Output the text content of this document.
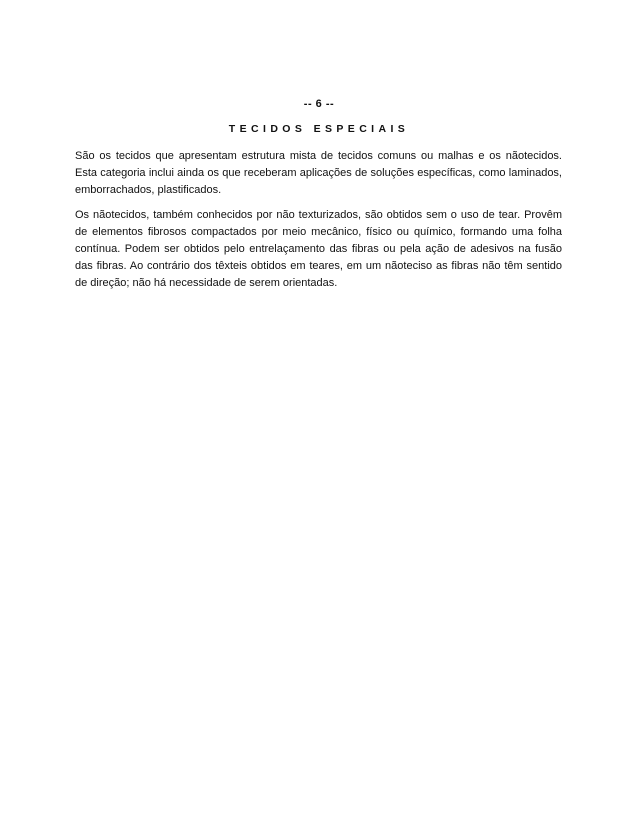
-- 6 --
TECIDOS ESPECIAIS

São os tecidos que apresentam estrutura mista de tecidos comuns ou malhas e os nãotecidos. Esta categoria inclui ainda os que receberam aplicações de soluções específicas, como laminados, emborrachados, plastificados.

Os nãotecidos, também conhecidos por não texturizados, são obtidos sem o uso de tear. Provêm de elementos fibrosos compactados por meio mecânico, físico ou químico, formando uma folha contínua. Podem ser obtidos pelo entrelaçamento das fibras ou pela ação de adesivos na fusão das fibras. Ao contrário dos têxteis obtidos em teares, em um nãoteciso as fibras não têm sentido de direção; não há necessidade de serem orientadas.
